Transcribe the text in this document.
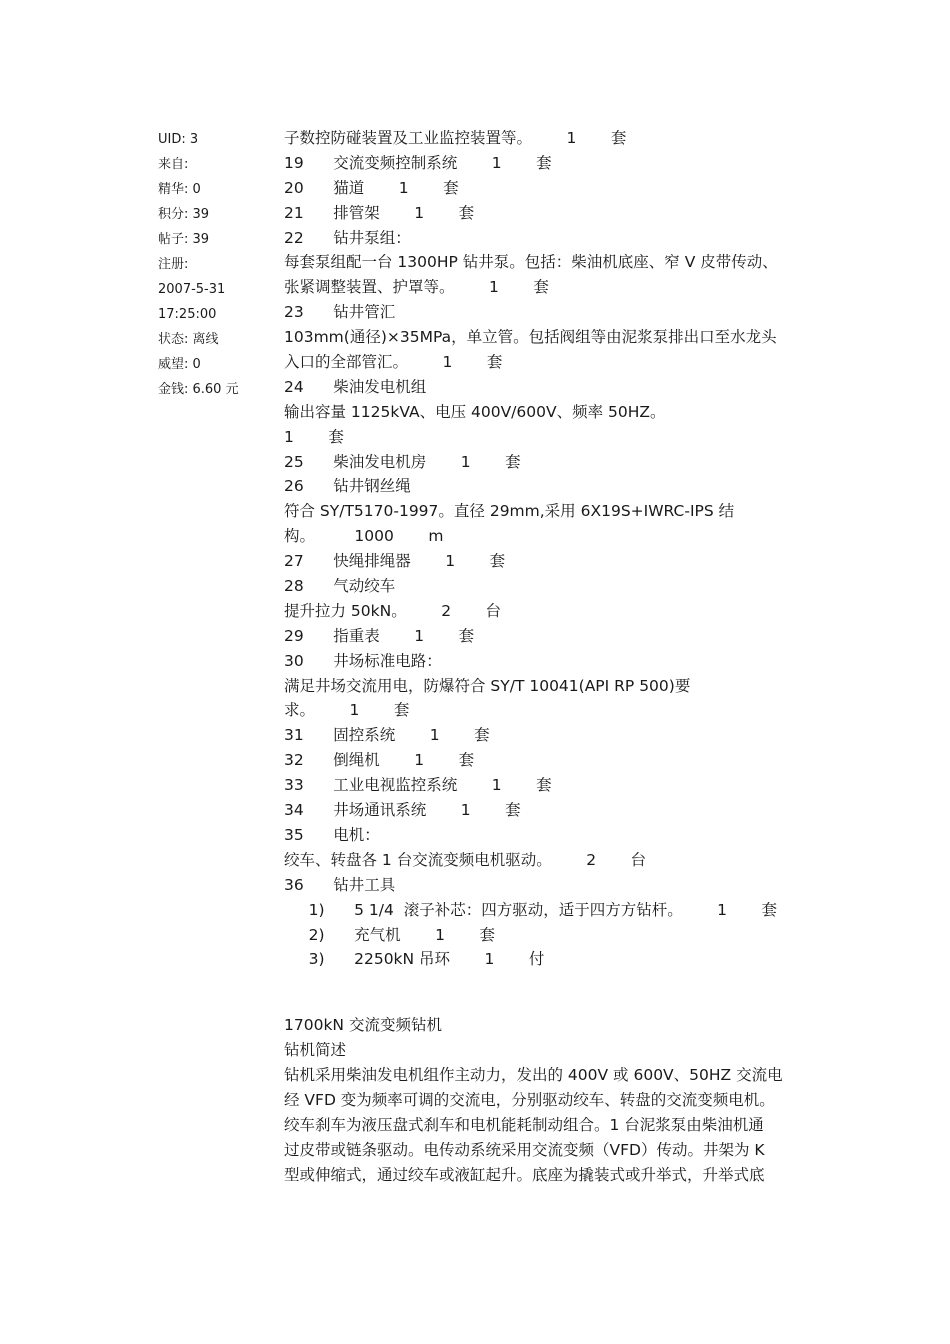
UID: 3
来自:
精华: 0
积分: 39
帖子: 39
注册:
2007-5-31
17:25:00
状态: 离线
威望: 0
金钱: 6.60 元
子数控防碰装置及工业监控装置等。       1       套
19      交流变频控制系统       1       套
20      猫道       1       套
21      排管架       1       套
22      钻井泵组：
每套泵组配一台 1300HP 钻井泵。包括：柴油机底座、窄 V 皮带传动、
张紧调整装置、护罩等。       1       套
23      钻井管汇
103mm(通径)×35MPa，单立管。包括阀组等由泥浆泵排出口至水龙头
入口的全部管汇。       1       套
24      柴油发电机组
输出容量 1125kVA、电压 400V/600V、频率 50HZ。
1       套
25      柴油发电机房       1       套
26      钻井钢丝绳
符合 SY/T5170-1997。直径 29mm,采用 6X19S+IWRC-IPS 结
构。        1000       m
27      快绳排绳器       1       套
28      气动绞车
提升拉力 50kN。       2       台
29      指重表       1       套
30      井场标准电路：
满足井场交流用电，防爆符合 SY/T 10041(API RP 500)要
求。       1       套
31      固控系统       1       套
32      倒绳机       1       套
33      工业电视监控系统       1       套
34      井场通讯系统       1       套
35      电机：
绞车、转盘各 1 台交流变频电机驱动。       2       台
36      钻井工具
1)      5 1/4  滚子补芯：四方驱动，适于四方方钻杆。       1       套
2)      充气机       1       套
3)      2250kN 吊环       1       付
1700kN 交流变频钻机
钻机简述
钻机采用柴油发电机组作主动力，发出的 400V 或 600V、50HZ 交流电
经 VFD 变为频率可调的交流电，分别驱动绞车、转盘的交流变频电机。
绞车刹车为液压盘式刹车和电机能耗制动组合。1 台泥浆泵由柴油机通
过皮带或链条驱动。电传动系统采用交流变频（VFD）传动。井架为 K
型或伸缩式，通过绞车或液缸起升。底座为撬装式或升举式，升举式底
